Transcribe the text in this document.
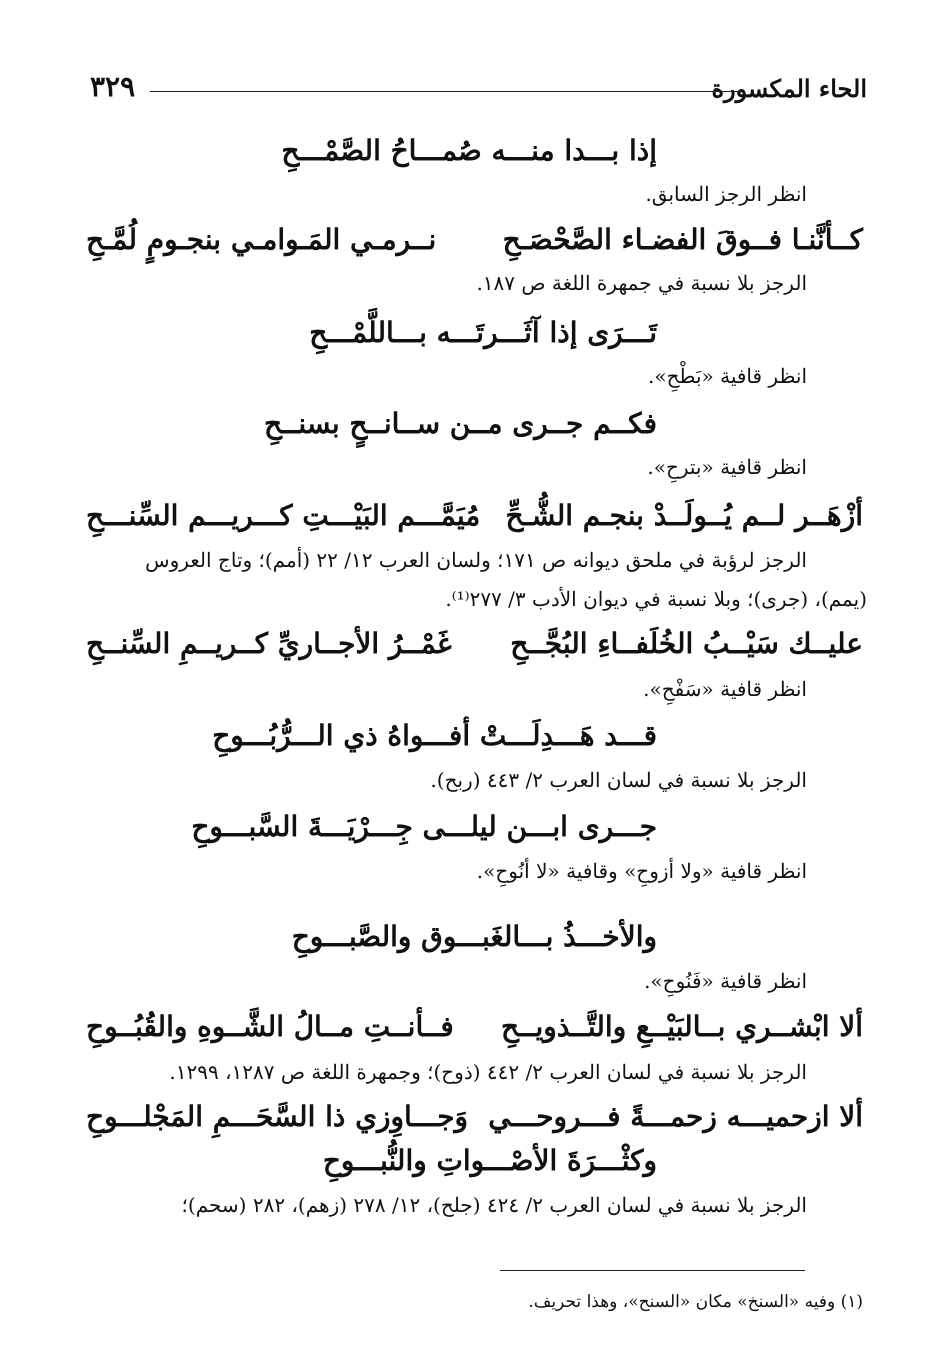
الحاء المكسورة
٣٢٩
إذا بـــدا منـــه صُمـــاحُ الصَّمْـــحِ
انظر الرجز السابق.
كــأنَّنـا فــوقَ الفضـاء الصَّحْصَـحِ
نــرمـي المَـوامـي بنجـومٍ لُمَّـحِ
الرجز بلا نسبة في جمهرة اللغة ص ١٨٧.
تَـــرَى إذا آثَـــرتَـــه بـــاللَّمْـــحِ
انظر قافية «بَطْحِ».
فكــم جــرى مــن ســانــحٍ بسنــحِ
انظر قافية «بترحِ».
أزْهَــر لــم يُــولَــدْ بنجـم الشُّـحِّ
مُيَمَّـــم البَيْـــتِ كـــريـــم السِّنـــحِ
الرجز لرؤبة في ملحق ديوانه ص ١٧١؛ ولسان العرب ١٢/ ٢٢ (أمم)؛ وتاج العروس
(يمم)، (جرى)؛ وبلا نسبة في ديوان الأدب ٣/ ٢٧٧⁽¹⁾.
عليــك سَيْــبُ الخُلَفــاءِ البُجَّــحِ
غَمْــرُ الأجــاريِّ كــريــمِ السِّنــحِ
انظر قافية «سَفْحِ».
قـــد هَـــدِلَـــتْ أفـــواهُ ذي الـــرُّبُـــوحِ
الرجز بلا نسبة في لسان العرب ٢/ ٤٤٣ (ربح).
جـــرى ابـــن ليلـــى جِـــرْيَـــةَ السَّبـــوحِ
انظر قافية «ولا أزوحِ» وقافية «لا أنُوحِ».
والأخـــذُ بـــالغَبـــوق والصَّبـــوحِ
انظر قافية «فَنُوحِ».
ألا ابْشــري بــالبَيْــعِ والتَّــذويــحِ
فــأنــتِ مــالُ الشَّــوهِ والقُبُــوحِ
الرجز بلا نسبة في لسان العرب ٢/ ٤٤٢ (ذوح)؛ وجمهرة اللغة ص ١٢٨٧، ١٢٩٩.
ألا ازحميـــه زحمـــةً فـــروحـــي
وَجـــاوِزي ذا السَّحَـــمِ المَجْلـــوحِ
وكثْـــرَةَ الأصْـــواتِ والنُّبـــوحِ
الرجز بلا نسبة في لسان العرب ٢/ ٤٢٤ (جلح)، ١٢/ ٢٧٨ (زهم)، ٢٨٢ (سحم)؛
(١) وفيه «السنخ» مكان «السنح»، وهذا تحريف.
